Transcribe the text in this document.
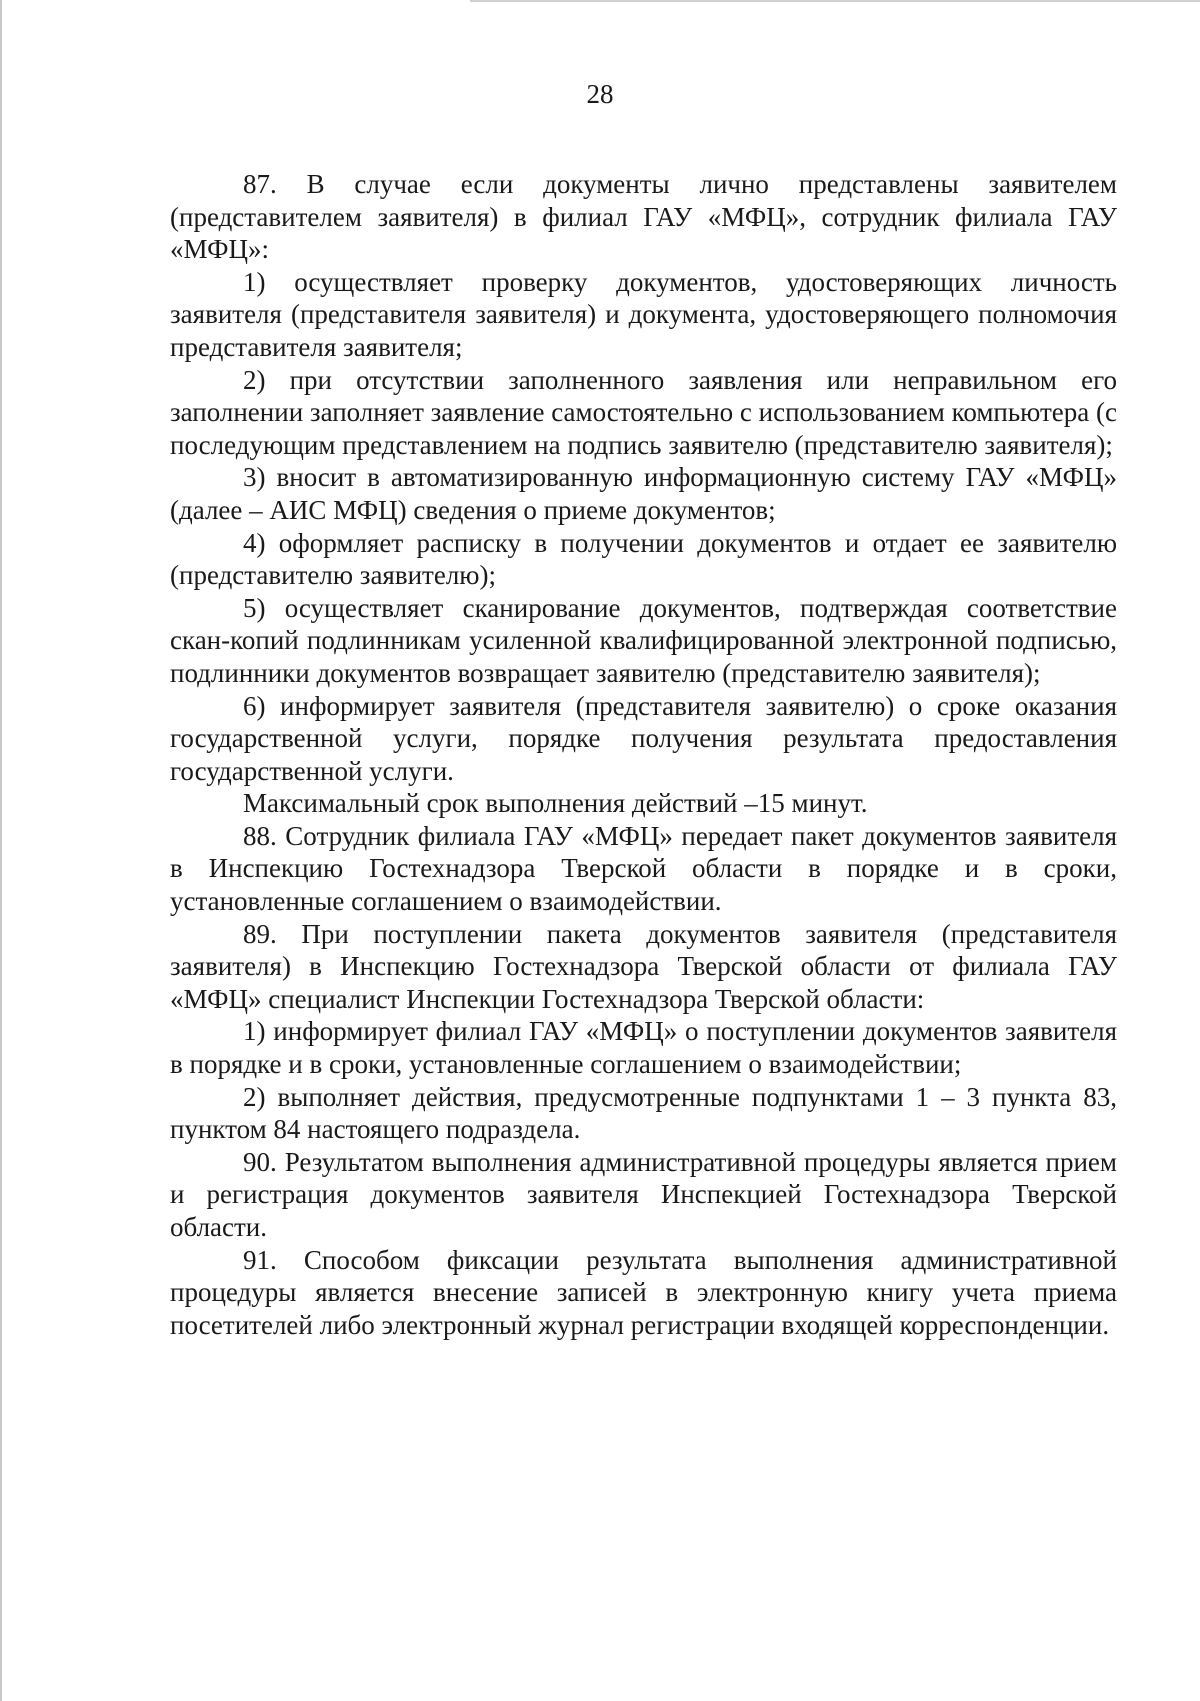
28

87. В случае если документы лично представлены заявителем (представителем заявителя) в филиал ГАУ «МФЦ», сотрудник филиала ГАУ «МФЦ»:

1) осуществляет проверку документов, удостоверяющих личность заявителя (представителя заявителя) и документа, удостоверяющего полномочия представителя заявителя;

2) при отсутствии заполненного заявления или неправильном его заполнении заполняет заявление самостоятельно с использованием компьютера (с последующим представлением на подпись заявителю (представителю заявителя);

3) вносит в автоматизированную информационную систему ГАУ «МФЦ» (далее – АИС МФЦ) сведения о приеме документов;

4) оформляет расписку в получении документов и отдает ее заявителю (представителю заявителю);

5) осуществляет сканирование документов, подтверждая соответствие скан-копий подлинникам усиленной квалифицированной электронной подписью, подлинники документов возвращает заявителю (представителю заявителя);

6) информирует заявителя (представителя заявителю) о сроке оказания государственной услуги, порядке получения результата предоставления государственной услуги.

Максимальный срок выполнения действий –15 минут.

88. Сотрудник филиала ГАУ «МФЦ» передает пакет документов заявителя в Инспекцию Гостехнадзора Тверской области в порядке и в сроки, установленные соглашением о взаимодействии.

89. При поступлении пакета документов заявителя (представителя заявителя) в Инспекцию Гостехнадзора Тверской области от филиала ГАУ «МФЦ» специалист Инспекции Гостехнадзора Тверской области:

1) информирует филиал ГАУ «МФЦ» о поступлении документов заявителя в порядке и в сроки, установленные соглашением о взаимодействии;

2) выполняет действия, предусмотренные подпунктами 1 – 3 пункта 83, пунктом 84 настоящего подраздела.

90. Результатом выполнения административной процедуры является прием и регистрация документов заявителя Инспекцией Гостехнадзора Тверской области.

91. Способом фиксации результата выполнения административной процедуры является внесение записей в электронную книгу учета приема посетителей либо электронный журнал регистрации входящей корреспонденции.
